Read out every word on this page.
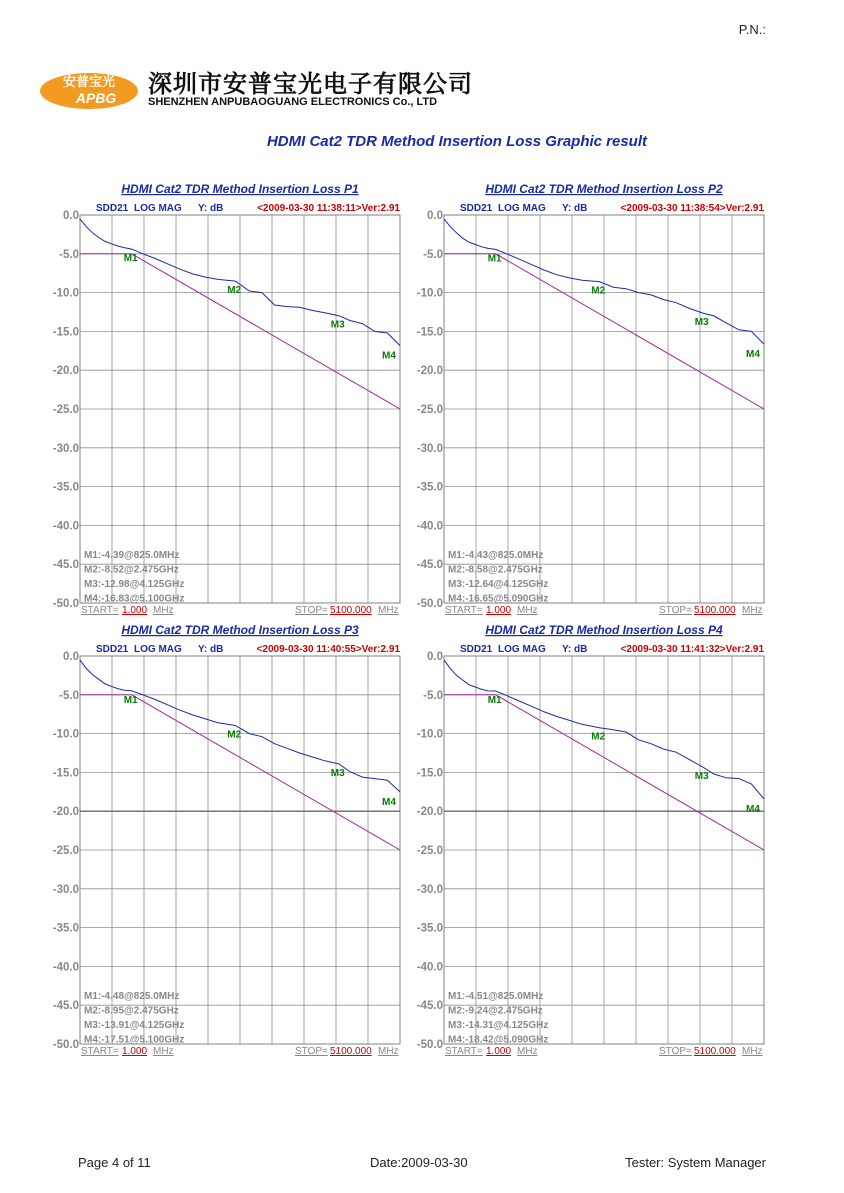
P.N.:
安普宝光
APBG 深圳市安普宝光电子有限公司
SHENZHEN ANPUBAOGUANG ELECTRONICS Co., LTD
HDMI Cat2 TDR Method Insertion Loss Graphic result
HDMI Cat2 TDR Method Insertion Loss P1
SDD21 LOG MAG Y: dB	<2009-03-30 11:38:11>Ver:2.91
0.0
-5.0
-10.0
-15.0
-20.0
-25.0
-30.0
-35.0
-40.0
-45.0
-50.0
M1
M2
M3
M4
M1:-4.39@825.0MHz
M2:-8.52@2.475GHz
M3:-12.98@4.125GHz
M4:-16.83@5.100GHz
START= 1.000 MHz	STOP= 5100.000 MHz
HDMI Cat2 TDR Method Insertion Loss P2
SDD21 LOG MAG Y: dB	<2009-03-30 11:38:54>Ver:2.91
0.0
-5.0
-10.0
-15.0
-20.0
-25.0
-30.0
-35.0
-40.0
-45.0
-50.0
M1
M2
M3
M4
M1:-4.43@825.0MHz
M2:-8.58@2.475GHz
M3:-12.64@4.125GHz
M4:-16.65@5.090GHz
START= 1.000 MHz	STOP= 5100.000 MHz
HDMI Cat2 TDR Method Insertion Loss P3
SDD21 LOG MAG Y: dB	<2009-03-30 11:40:55>Ver:2.91
0.0
-5.0
-10.0
-15.0
-20.0
-25.0
-30.0
-35.0
-40.0
-45.0
-50.0
M1
M2
M3
M4
M1:-4.48@825.0MHz
M2:-8.95@2.475GHz
M3:-13.91@4.125GHz
M4:-17.51@5.100GHz
START= 1.000 MHz	STOP= 5100.000 MHz
HDMI Cat2 TDR Method Insertion Loss P4
SDD21 LOG MAG Y: dB	<2009-03-30 11:41:32>Ver:2.91
0.0
-5.0
-10.0
-15.0
-20.0
-25.0
-30.0
-35.0
-40.0
-45.0
-50.0
M1
M2
M3
M4
M1:-4.51@825.0MHz
M2:-9.24@2.475GHz
M3:-14.31@4.125GHz
M4:-18.42@5.090GHz
START= 1.000 MHz	STOP= 5100.000 MHz
Page 4 of 11	Date:2009-03-30	Tester: System Manager
